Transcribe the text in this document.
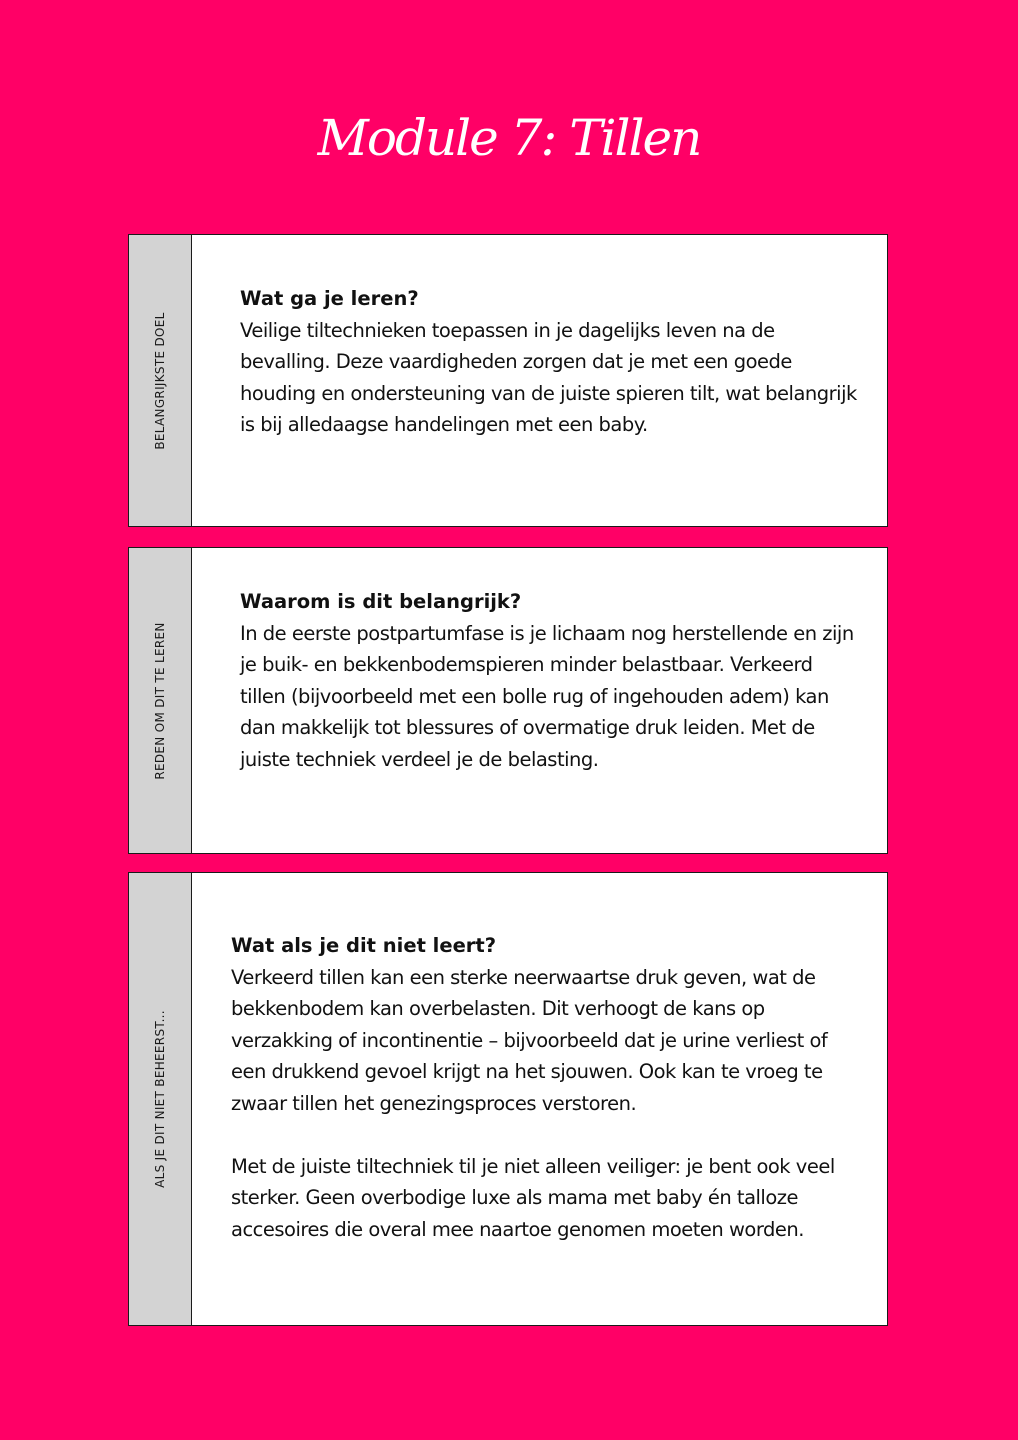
Module 7: Tillen
BELANGRIJKSTE DOEL

Wat ga je leren?

Veilige tiltechnieken toepassen in je dagelijks leven na de bevalling. Deze vaardigheden zorgen dat je met een goede houding en ondersteuning van de juiste spieren tilt, wat belangrijk is bij alledaagse handelingen met een baby.

REDEN OM DIT TE LEREN

Waarom is dit belangrijk?

In de eerste postpartumfase is je lichaam nog herstellende en zijn je buik- en bekkenbodemspieren minder belastbaar. Verkeerd tillen (bijvoorbeeld met een bolle rug of ingehouden adem) kan dan makkelijk tot blessures of overmatige druk leiden. Met de juiste techniek verdeel je de belasting.

ALS JE DIT NIET BEHEERST...

Wat als je dit niet leert?

Verkeerd tillen kan een sterke neerwaartse druk geven, wat de bekkenbodem kan overbelasten. Dit verhoogt de kans op verzakking of incontinentie – bijvoorbeeld dat je urine verliest of een drukkend gevoel krijgt na het sjouwen. Ook kan te vroeg te zwaar tillen het genezingsproces verstoren.

Met de juiste tiltechniek til je niet alleen veiliger: je bent ook veel sterker. Geen overbodige luxe als mama met baby én talloze accesoires die overal mee naartoe genomen moeten worden.
